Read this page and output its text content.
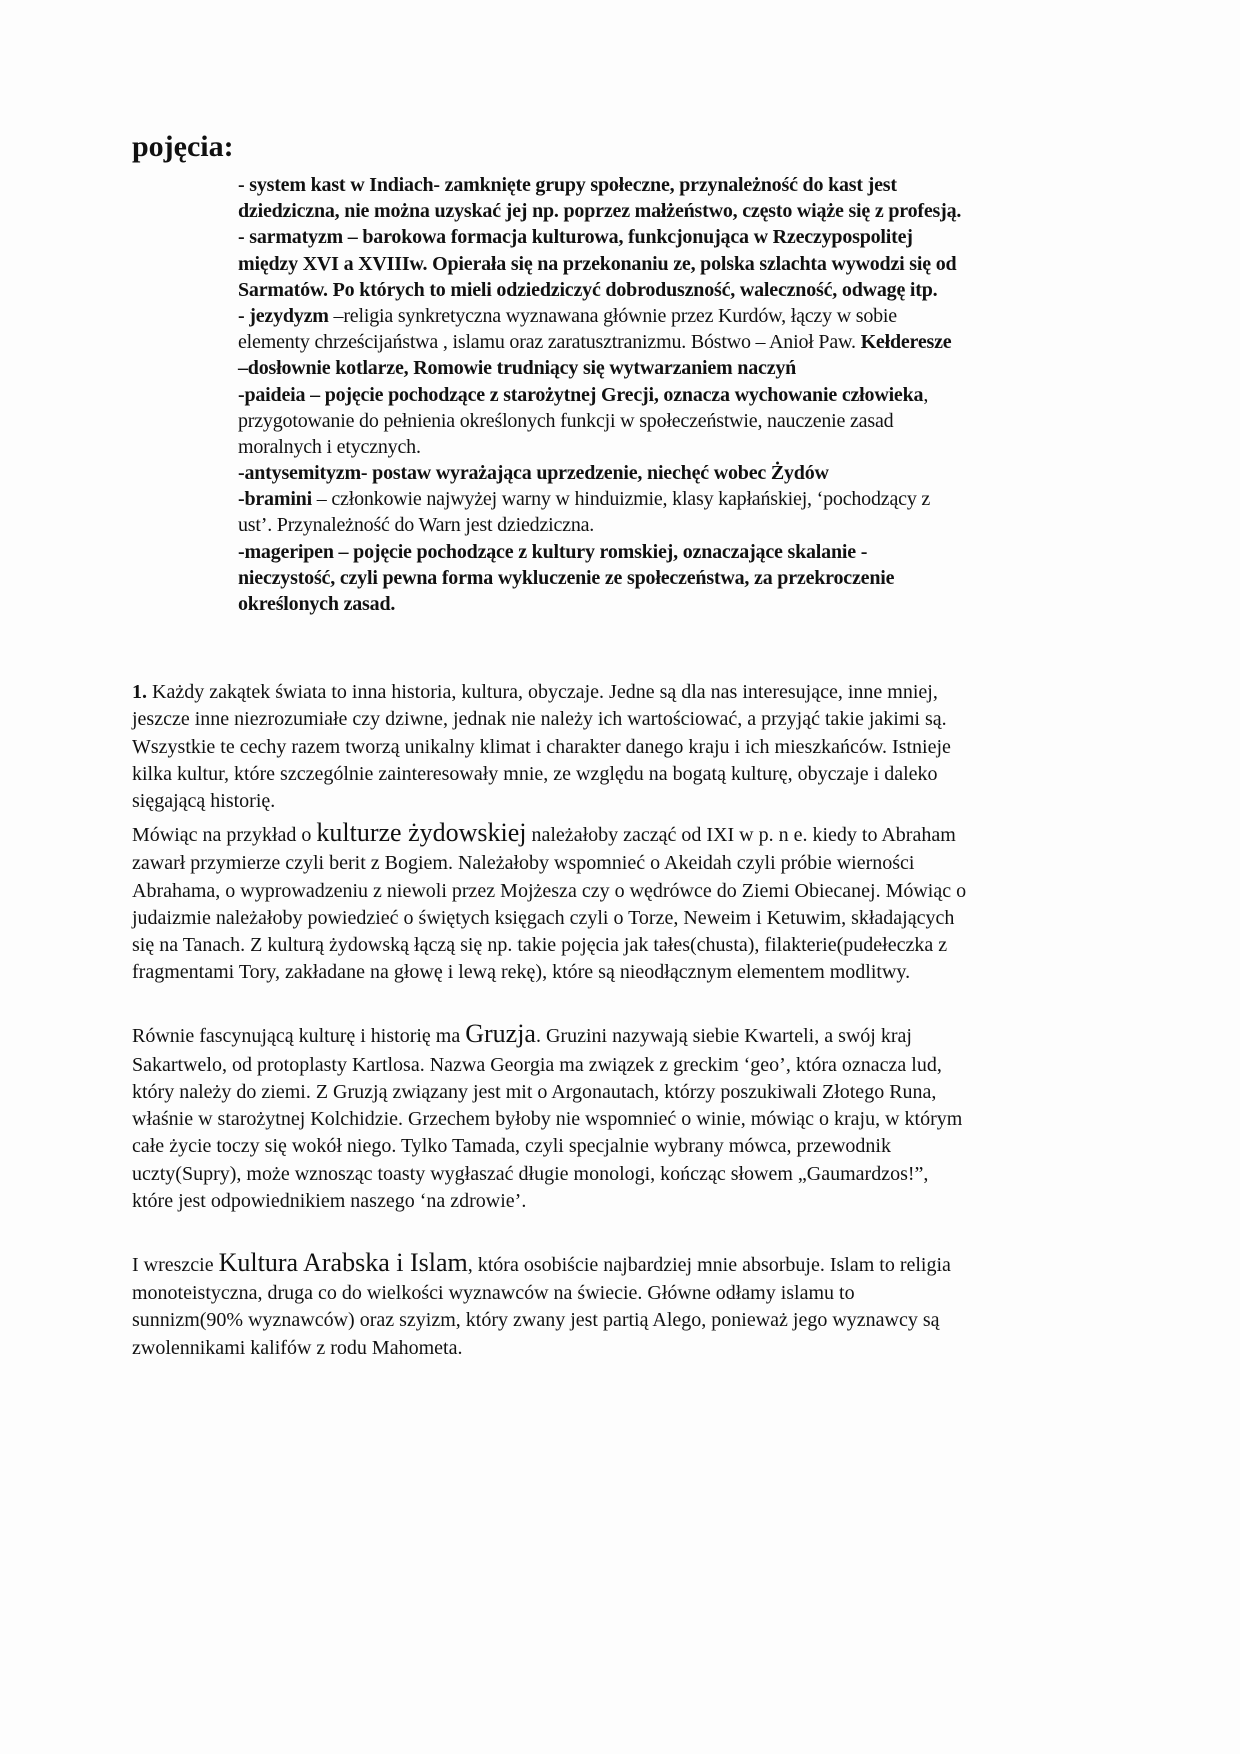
pojęcia:

- system kast w Indiach- zamknięte grupy społeczne, przynależność do kast jest dziedziczna, nie można uzyskać jej np. poprzez małżeństwo, często wiąże się z profesją.

- sarmatyzm – barokowa formacja kulturowa, funkcjonująca w Rzeczypospolitej między XVI a XVIIIw. Opierała się na przekonaniu ze, polska szlachta wywodzi się od Sarmatów. Po których to mieli odziedziczyć dobroduszność, waleczność, odwagę itp.

- jezydyzm –religia synkretyczna wyznawana głównie przez Kurdów, łączy w sobie elementy chrześcijaństwa , islamu oraz zaratusztranizmu. Bóstwo – Anioł Paw. Kełderesze –dosłownie kotlarze, Romowie trudniący się wytwarzaniem naczyń

-paideia – pojęcie pochodzące z starożytnej Grecji, oznacza wychowanie człowieka, przygotowanie do pełnienia określonych funkcji w społeczeństwie, nauczenie zasad moralnych i etycznych.

-antysemityzm- postaw wyrażająca uprzedzenie, niechęć wobec Żydów

-bramini – członkowie najwyżej warny w hinduizmie, klasy kapłańskiej, ‘pochodzący z ust’. Przynależność do Warn jest dziedziczna.

-mageripen – pojęcie pochodzące z kultury romskiej, oznaczające skalanie - nieczystość, czyli pewna forma wykluczenie ze społeczeństwa, za przekroczenie określonych zasad.

1. Każdy zakątek świata to inna historia, kultura, obyczaje. Jedne są dla nas interesujące, inne mniej, jeszcze inne niezrozumiałe czy dziwne, jednak nie należy ich wartościować, a przyjąć takie jakimi są. Wszystkie te cechy razem tworzą unikalny klimat i charakter danego kraju i ich mieszkańców. Istnieje kilka kultur, które szczególnie zainteresowały mnie, ze względu na bogatą kulturę, obyczaje i daleko sięgającą historię.

Mówiąc na przykład o kulturze żydowskiej należałoby zacząć od IXI w p. n e. kiedy to Abraham zawarł przymierze czyli berit z Bogiem. Należałoby wspomnieć o Akeidah czyli próbie wierności Abrahama, o wyprowadzeniu z niewoli przez Mojżesza czy o wędrówce do Ziemi Obiecanej. Mówiąc o judaizmie należałoby powiedzieć o świętych księgach czyli o Torze, Neweim i Ketuwim, składających się na Tanach. Z kulturą żydowską łączą się np. takie pojęcia jak tałes(chusta), filakterie(pudełeczka z fragmentami Tory, zakładane na głowę i lewą rekę), które są nieodłącznym elementem modlitwy.

Równie fascynującą kulturę i historię ma Gruzja. Gruzini nazywają siebie Kwarteli, a swój kraj Sakartwelo, od protoplasty Kartlosa. Nazwa Georgia ma związek z greckim ‘geo’, która oznacza lud, który należy do ziemi. Z Gruzją związany jest mit o Argonautach, którzy poszukiwali Złotego Runa, właśnie w starożytnej Kolchidzie. Grzechem byłoby nie wspomnieć o winie, mówiąc o kraju, w którym całe życie toczy się wokół niego. Tylko Tamada, czyli specjalnie wybrany mówca, przewodnik uczty(Supry), może wznosząc toasty wygłaszać długie monologi, kończąc słowem „Gaumardzos!”, które jest odpowiednikiem naszego ‘na zdrowie’.

I wreszcie Kultura Arabska i Islam, która osobiście najbardziej mnie absorbuje. Islam to religia monoteistyczna, druga co do wielkości wyznawców na świecie. Główne odłamy islamu to sunnizm(90% wyznawców) oraz szyizm, który zwany jest partią Alego, ponieważ jego wyznawcy są zwolennikami kalifów z rodu Mahometa.
